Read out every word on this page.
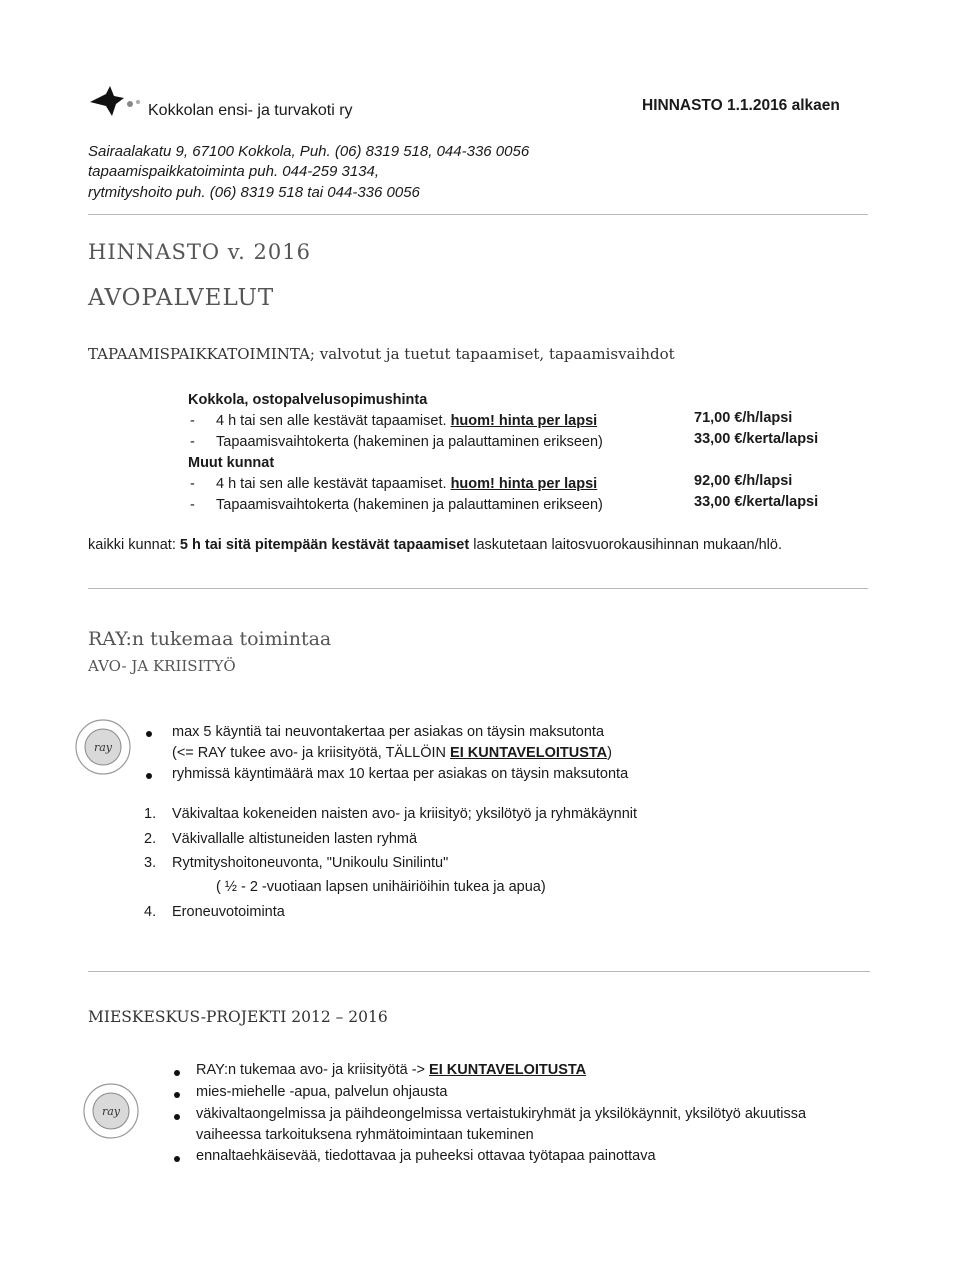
Kokkolan ensi- ja turvakoti ry	HINNASTO 1.1.2016 alkaen
Sairaalakatu 9, 67100 Kokkola, Puh. (06) 8319 518, 044-336 0056
tapaamispaikkatoiminta puh. 044-259 3134,
rytmityshoito puh. (06) 8319 518 tai 044-336 0056
HINNASTO v. 2016
AVOPALVELUT
TAPAAMISPAIKKATOIMINTA; valvotut ja tuetut tapaamiset, tapaamisvaihdot
Kokkola, ostopalvelusopimushinta
- 4 h tai sen alle kestävät tapaamiset. huom! hinta per lapsi	71,00 €/h/lapsi
- Tapaamisvaihtokerta (hakeminen ja palauttaminen erikseen)	33,00 €/kerta/lapsi
Muut kunnat
- 4 h tai sen alle kestävät tapaamiset. huom! hinta per lapsi	92,00 €/h/lapsi
- Tapaamisvaihtokerta (hakeminen ja palauttaminen erikseen)	33,00 €/kerta/lapsi
kaikki kunnat: 5 h tai sitä pitempään kestävät tapaamiset laskutetaan laitosvuorokausihinnan mukaan/hlö.
RAY:n tukemaa toimintaa
AVO- JA KRIISITYÖ
ray
max 5 käyntiä tai neuvontakertaa per asiakas on täysin maksutonta
(<= RAY tukee avo- ja kriisityötä, TÄLLÖIN EI KUNTAVELOITUSTA)
ryhmissä käyntimäärä max 10 kertaa per asiakas on täysin maksutonta
1. Väkivaltaa kokeneiden naisten avo- ja kriisityö; yksilötyö ja ryhmäkäynnit
2. Väkivallalle altistuneiden lasten ryhmä
3. Rytmityshoitoneuvonta, "Unikoulu Sinilintu"
( ½ - 2 -vuotiaan lapsen unihäiriöihin tukea ja apua)
4. Eroneuvotoiminta
MIESKESKUS-PROJEKTI 2012 – 2016
ray
RAY:n tukemaa avo- ja kriisityötä -> EI KUNTAVELOITUSTA
mies-miehelle -apua, palvelun ohjausta
väkivaltaongelmissa ja päihdeongelmissa vertaistukiryhmät ja yksilökäynnit, yksilötyö akuutissa
vaiheessa tarkoituksena ryhmätoimintaan tukeminen
ennaltaehkäisevää, tiedottavaa ja puheeksi ottavaa työtapaa painottava
